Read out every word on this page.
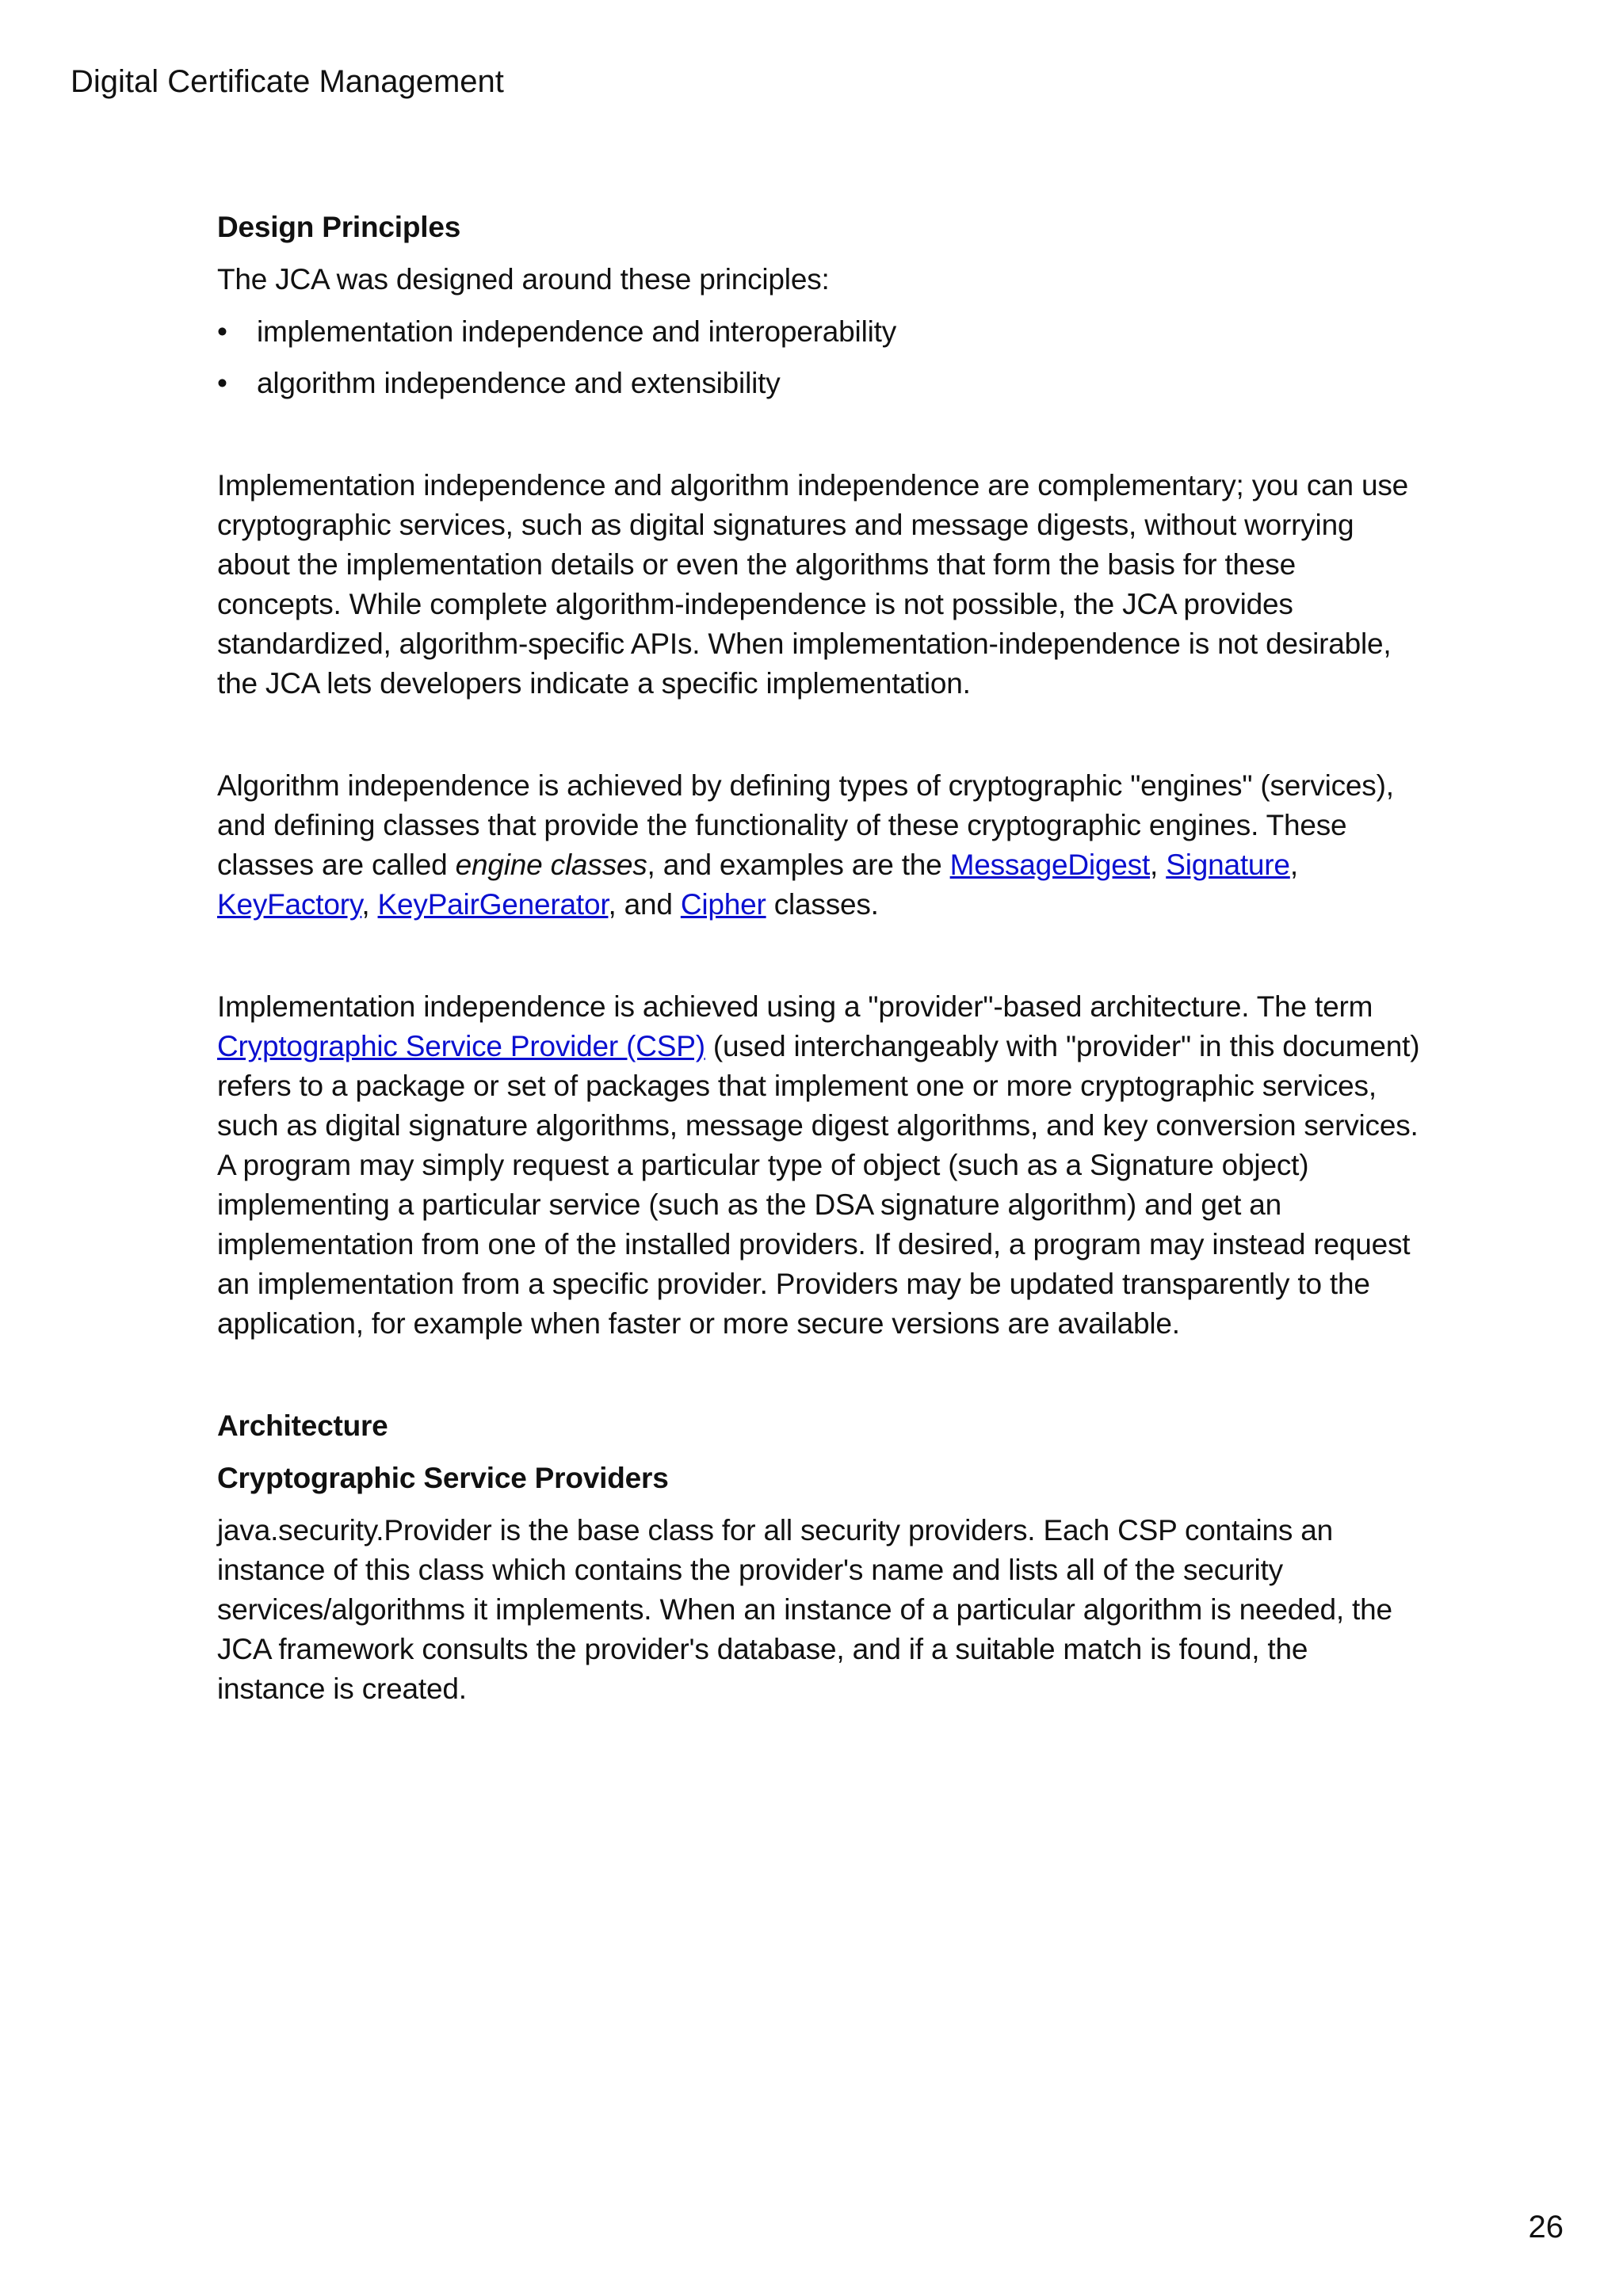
Digital Certificate Management

Design Principles

The JCA was designed around these principles:

• implementation independence and interoperability
• algorithm independence and extensibility

Implementation independence and algorithm independence are complementary; you can use cryptographic services, such as digital signatures and message digests, without worrying about the implementation details or even the algorithms that form the basis for these concepts. While complete algorithm-independence is not possible, the JCA provides standardized, algorithm-specific APIs. When implementation-independence is not desirable, the JCA lets developers indicate a specific implementation.

Algorithm independence is achieved by defining types of cryptographic "engines" (services), and defining classes that provide the functionality of these cryptographic engines. These classes are called engine classes, and examples are the MessageDigest, Signature, KeyFactory, KeyPairGenerator, and Cipher classes.

Implementation independence is achieved using a "provider"-based architecture. The term Cryptographic Service Provider (CSP) (used interchangeably with "provider" in this document) refers to a package or set of packages that implement one or more cryptographic services, such as digital signature algorithms, message digest algorithms, and key conversion services. A program may simply request a particular type of object (such as a Signature object) implementing a particular service (such as the DSA signature algorithm) and get an implementation from one of the installed providers. If desired, a program may instead request an implementation from a specific provider. Providers may be updated transparently to the application, for example when faster or more secure versions are available.

Architecture

Cryptographic Service Providers

java.security.Provider is the base class for all security providers. Each CSP contains an instance of this class which contains the provider's name and lists all of the security services/algorithms it implements. When an instance of a particular algorithm is needed, the JCA framework consults the provider's database, and if a suitable match is found, the instance is created.

26
